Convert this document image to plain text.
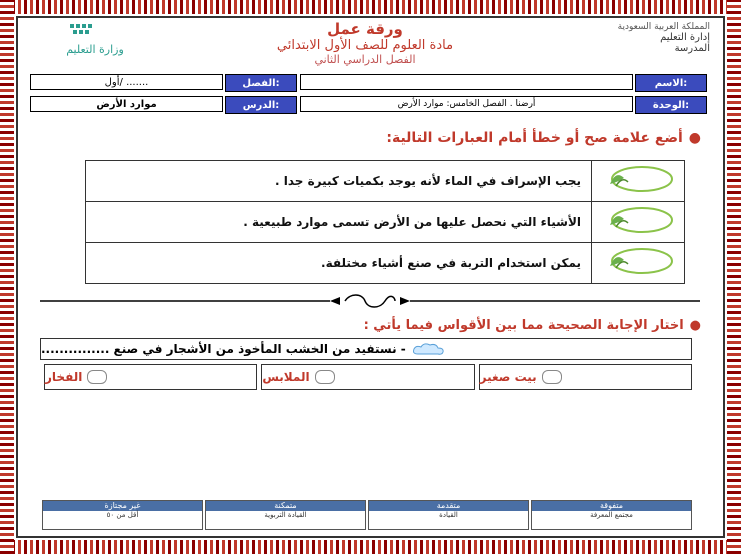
وزارة التعليم
ورقة عمل
مادة العلوم للصف الأول الابتدائي
الفصل الدراسي الثاني
المملكة العربية السعودية
إدارة التعليم
المدرسة
الاسم:
الفصل:
أول/ .......
الوحدة:
أرضنا . الفصل الخامس: موارد الأرض
الدرس:
موارد الأرض
●أضع علامة صح أو خطأ أمام العبارات التالية:
يجب الإسراف في الماء لأنه يوجد بكميات كبيرة جدا .	
الأشياء التي نحصل عليها من الأرض تسمى موارد طبيعية .	
يمكن استخدام التربة في صنع أشياء مختلفة.	
●اختار الإجابة الصحيحة مما بين الأقواس فيما يأتي :
- نستفيد من الخشب المأخوذ من الأشجار في صنع ...............
الفخار	الملابس	بيت صغير
متفوقة
مجتمع المعرفة
متقدمة
القيادة
متمكنة
القيادة التربوية
غير مجتازة
أقل من ٥٠
